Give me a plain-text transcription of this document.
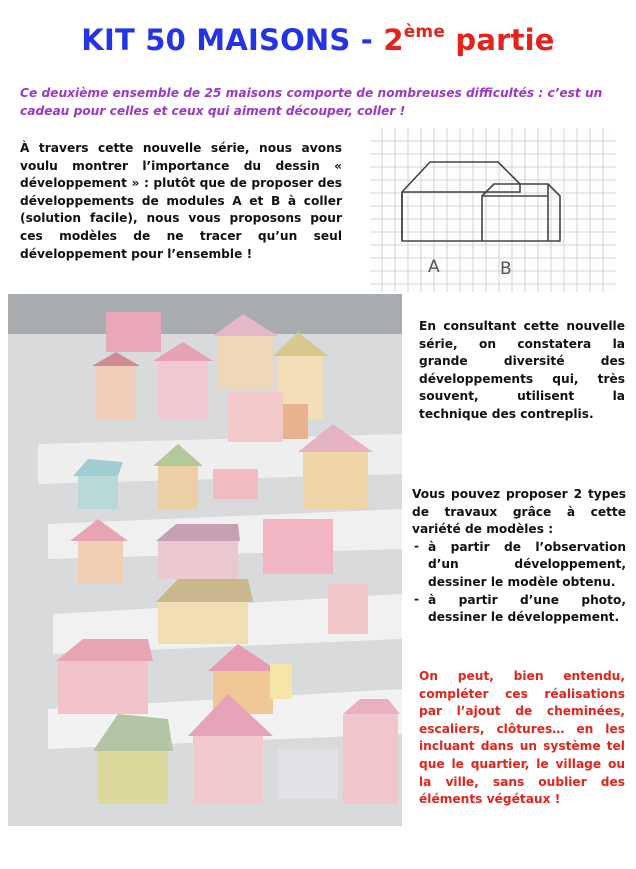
KIT 50 MAISONS - 2ème partie
Ce deuxième ensemble de 25 maisons comporte de nombreuses difficultés : c’est un cadeau pour celles et ceux qui aiment découper, coller !
À travers cette nouvelle série, nous avons voulu montrer l’importance du dessin « développement » : plutôt que de proposer des développements de modules A et B à coller (solution facile), nous vous proposons pour ces modèles de ne tracer qu’un seul développement pour l’ensemble !
A	B
En consultant cette nouvelle série, on constatera la grande diversité des développements qui, très souvent, utilisent la technique des contreplis.
Vous pouvez proposer 2 types de travaux grâce à cette variété de modèles :
- à partir de l’observation d’un développement, dessiner le modèle obtenu.
- à partir d’une photo, dessiner le développement.
On peut, bien entendu, compléter ces réalisations par l’ajout de cheminées, escaliers, clôtures… en les incluant dans un système tel que le quartier, le village ou la ville, sans oublier des éléments végétaux !
